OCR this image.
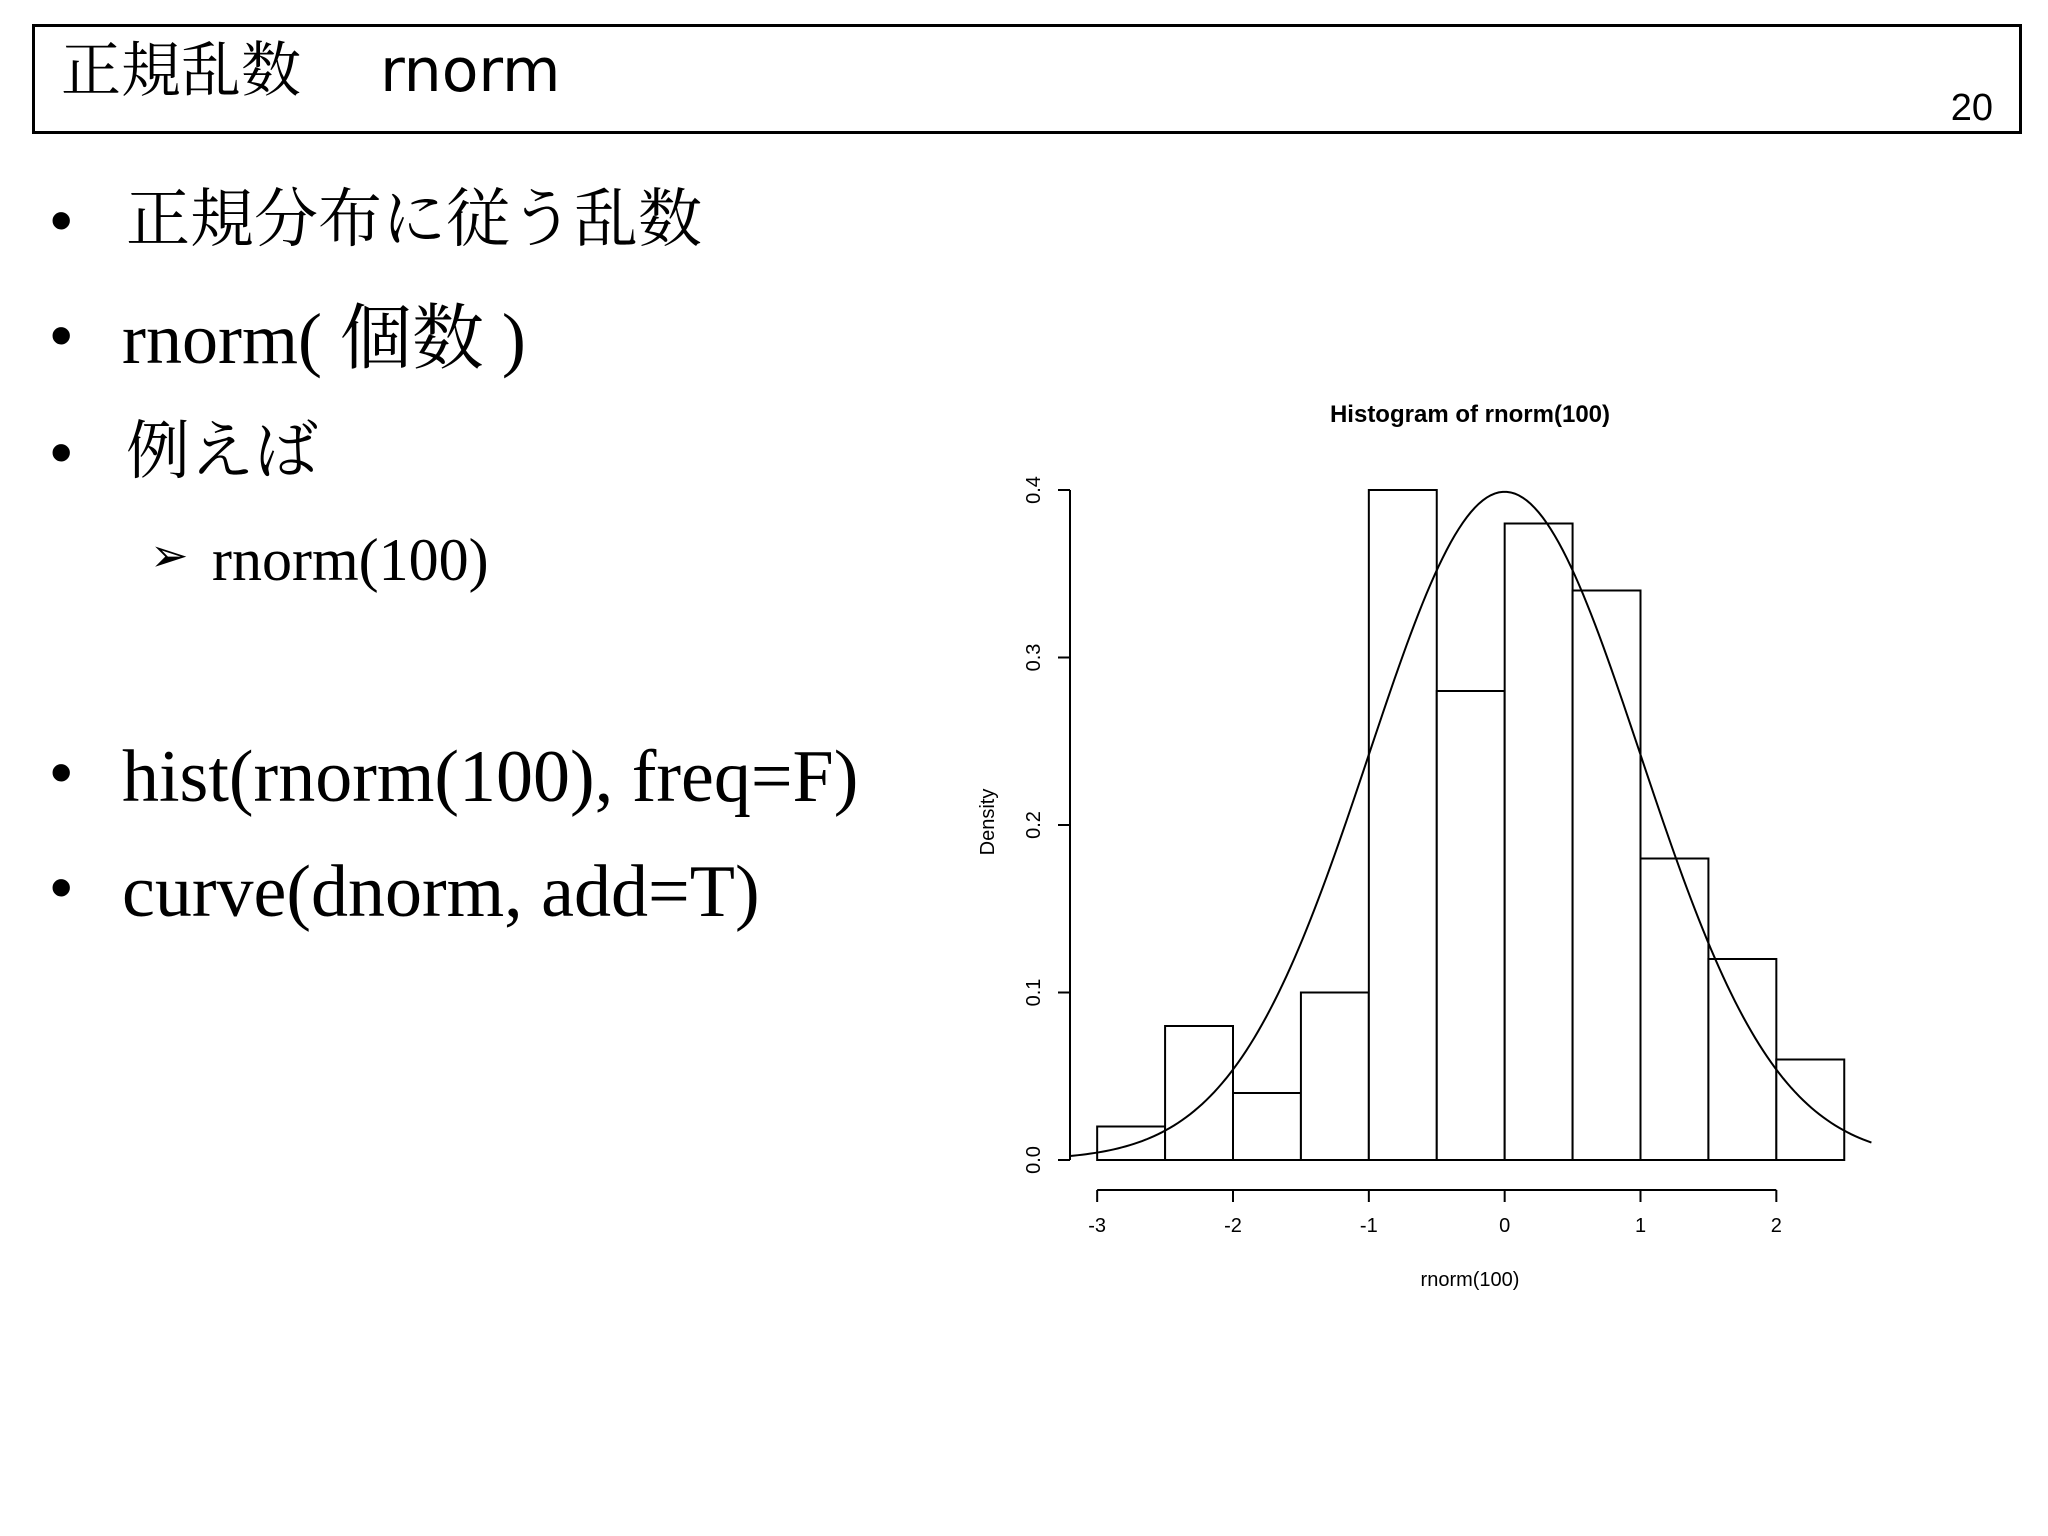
正規乱数　 rnorm
20
• 正規分布に従う乱数
• rnorm( 個数 )
• 例えば
➢ rnorm(100)
• hist(rnorm(100), freq=F)
• curve(dnorm, add=T)
Histogram of rnorm(100)
rnorm(100)
Density
-3	-2	-1	0	1	2
0.0
0.1
0.2
0.3
0.4
